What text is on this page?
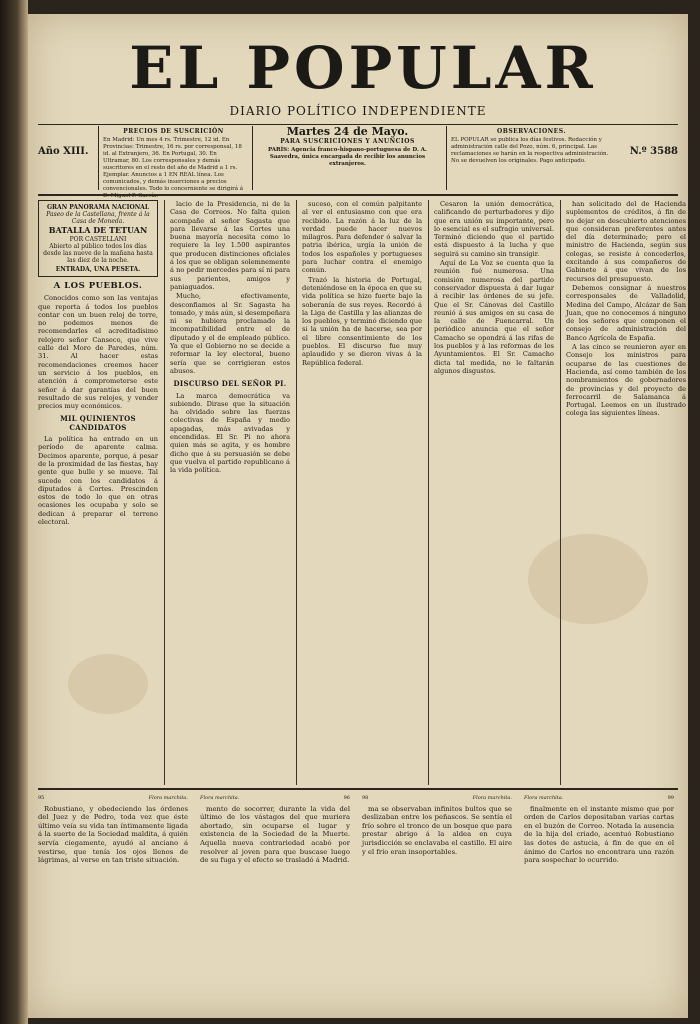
EL POPULAR
DIARIO POLÍTICO INDEPENDIENTE
Año XIII.
PRECIOS DE SUSCRICIÓN
En Madrid: Un mes 4 rs. Trimestre, 12 id. En Provincias: Trimestre, 16 rs. por corresponsal, 18 id. al Extranjero, 36. En Portugal, 30. En Ultramar, 80. Los corresponsales y demás suscritores en el resto del año de Madrid a 1 rs. Ejemplar. Anuncios a 1 EN REAL línea. Los comunicados, y demás inserciones a precios convencionales. Todo lo concerniente se dirigirá á D. Miguel P. García.
Martes 24 de Mayo.
PARA SUSCRICIONES Y ANUNCIOS
PARÍS: Agencia franco-hispano-portuguesa de D. A. Saavedra, única encargada de recibir los anuncios extranjeros.
OBSERVACIONES.
EL POPULAR se publica los días festivos. Redacción y administración calle del Pozo, núm. 6, principal. Las reclamaciones se harán en la respectiva administración. No se devuelven los originales. Pago anticipado.
N.º 3588
GRAN PANORAMA NACIONAL
Paseo de la Castellana, frente á la Casa de Moneda.
BATALLA DE TETUAN
POR CASTELLANI
Abierto al público todos los días desde las nueve de la mañana hasta las diez de la noche.
ENTRADA, UNA PESETA.
A LOS PUEBLOS.

Conocidos como son las ventajas que reporta á todos los pueblos contar con un buen reloj de torre, no podemos menos de recomendarles el acreditadísimo relojero señor Canseco, que vive calle del Moro de Paredes, núm. 31. Al hacer estas recomendaciones creemos hacer un servicio á los pueblos, en atención á comprometerse este señor á dar garantías del buen resultado de sus relojes, y vender precios muy económicos.

MIL QUINIENTOS CANDIDATOS

La política ha entrado en un período de aparente calma. Decimos aparente, porque, á pesar de la proximidad de las fiestas, hay gente que bulle y se mueve. Tal sucede con los candidatos á diputados á Cortes. Prescinden estos de todo lo que en otras ocasiones les ocupaba y solo se dedican á preparar el terreno electoral.

lacio de la Presidencia, ni de la Casa de Correos. No falta quien acompañe al señor Sagasta que para llevarse á las Cortes una buena mayoría necesita como lo requiere la ley 1.500 aspirantes que producen distinciones oficiales á los que se obligan solemnemente á no pedir mercedes para sí ni para sus parientes, amigos y paniaguados.

Mucho, efectivamente, desconfiamos al Sr. Sagasta ha tomado, y más aún, si desempeñara ni se hubiera proclamado la incompatibilidad entre el de diputado y el de empleado público. Ya que el Gobierno no se decide a reformar la ley electoral, bueno sería que se corrigieran estos abusos.

DISCURSO DEL SEÑOR PI.

La marca democrática va subiendo. Dirase que la situación ha olvidado sobre las fuerzas colectivas de España y medio apagadas, más avivadas y encendidas. El Sr. Pi no ahora quien más se agita, y es hombre dicho que á su persuasión se debe que vuelva el partido republicano á la vida política.

suceso, con el común palpitante al ver el entusiasmo con que era recibido. La razón á la luz de la verdad puede hacer nuevos milagros. Para defender ó salvar la patria ibérica, urgía la unión de todos los españoles y portugueses para luchar contra el enemigo común.

Trazó la historia de Portugal, deteniéndose en la época en que su vida política se hizo fuerte bajo la soberanía de sus reyes. Recordó á la Liga de Castilla y las alianzas de los pueblos, y terminó diciendo que si la unión ha de hacerse, sea por el libre consentimiento de los pueblos. El discurso fue muy aplaudido y se dieron vivas á la República federal.

Cesaron la unión democrática, calificando de perturbadores y dijo que era unión su importante, pero lo esencial es el sufragio universal. Terminó diciendo que el partido está dispuesto á la lucha y que seguirá su camino sin transigir.

Aquí de La Voz se cuenta que la reunión fué numerosa. Una comisión numerosa del partido conservador dispuesta á dar lugar á recibir las órdenes de su jefe. Que el Sr. Cánovas del Castillo reunió á sus amigos en su casa de la calle de Fuencarral. Un periódico anuncia que el señor Camacho se opondrá á las rifas de los pueblos y á las reformas de los Ayuntamientos. El Sr. Camacho dicta tal medida, no le faltarán algunos disgustos.

han solicitado del de Hacienda suplementos de créditos, á fin de no dejar en descubierto atenciones que consideran preferentes antes del día determinado; pero el ministro de Hacienda, según sus colegas, se resiste á concederlos, excitando á sus compañeros de Gabinete á que vivan de los recursos del presupuesto.

Debemos consignar á nuestros corresponsales de Valladolid, Medina del Campo, Alcázar de San Juan, que no conocemos á ninguno de los señores que componen el consejo de administración del Banco Agrícola de España.

A las cinco se reunieron ayer en Consejo los ministros para ocuparse de las cuestiones de Hacienda, así como también de los nombramientos de gobernadores de provincias y del proyecto de ferrocarril de Salamanca á Portugal. Leemos en un ilustrado colega las siguientes líneas.

95	Flora marchita.

Robustiano, y obedeciendo las órdenes del Juez y de Pedro, toda vez que éste último veía su vida tan íntimamente ligada á la suerte de la Sociedad maldita, á quién servía ciegamente, ayudó al anciano á vestirse, que tenía los ojos llenos de lágrimas, al verse en tan triste situación.

Flora marchita.	96

mento de socorrer, durante la vida del último de los vástagos del que muriera abortado, sin ocuparse el lugar y existencia de la Sociedad de la Muerte. Aquella nueva contrariedad acabó por resolver al joven para que buscase luego de su fuga y el efecto se trasladó á Madrid.

98	Flora marchita.

ma se observaban infinitos bultos que se deslizaban entre los peñascos. Se sentía el frío sobre el tronco de un bosque que para prestar abrigo á la aldea en cuya jurisdicción se enclavaba el castillo. El aire y el frío eran insoportables.

Flora marchita.	99

finalmente en el instante mismo que por orden de Carlos depositaban varias cartas en el buzón de Correo. Notada la ausencia de la hija del criado, acentuó Robustiano las dotes de astucia, á fin de que en el ánimo de Carlos no encontrara una razón para sospechar lo ocurrido.
